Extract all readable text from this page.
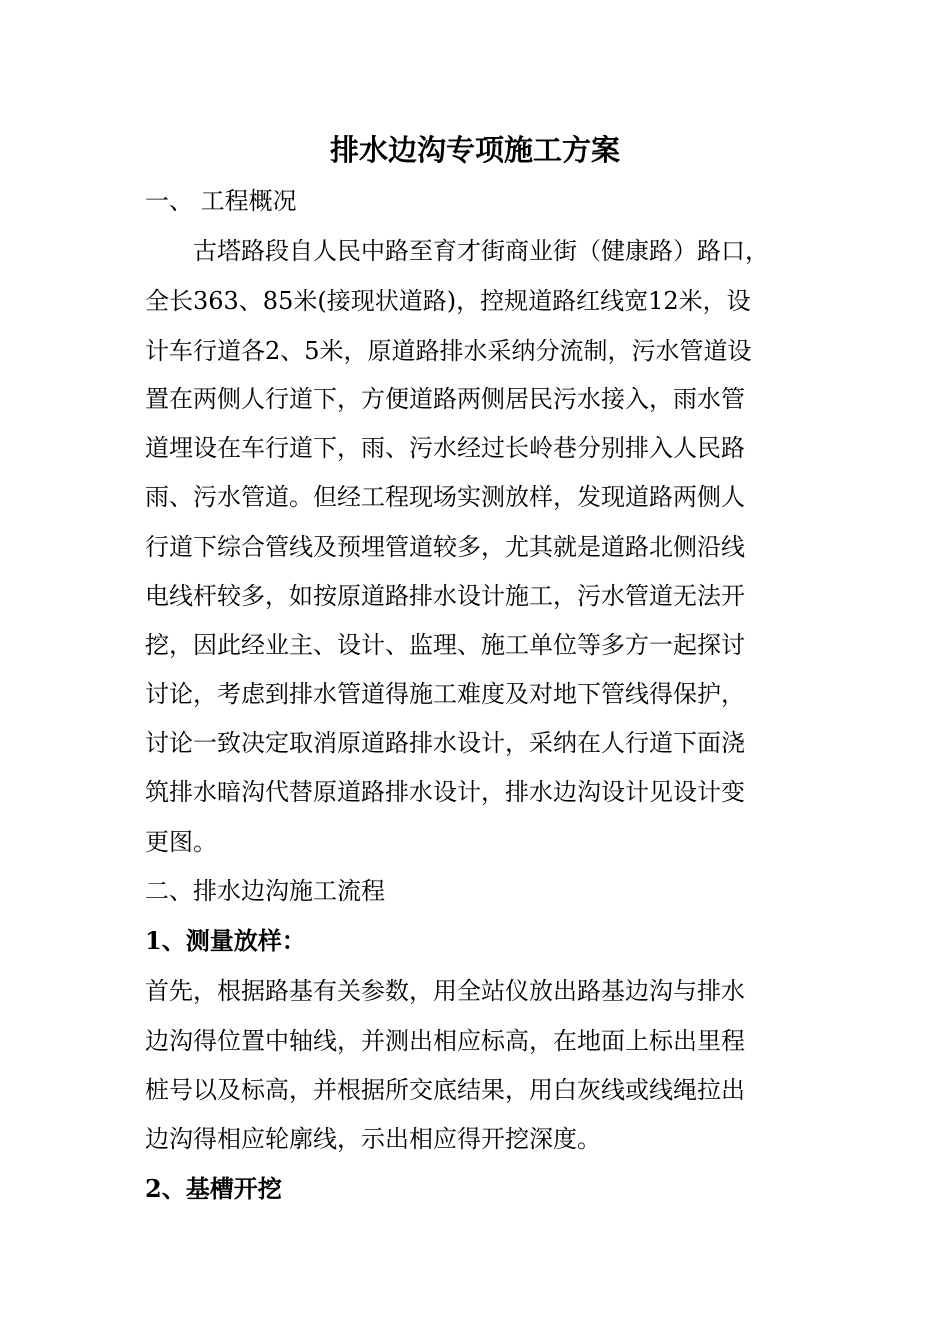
排水边沟专项施工方案

一、 工程概况

　　古塔路段自人民中路至育才街商业街（健康路）路口，

全长363、85米(接现状道路)，控规道路红线宽12米，设

计车行道各2、5米，原道路排水采纳分流制，污水管道设

置在两侧人行道下，方便道路两侧居民污水接入，雨水管

道埋设在车行道下，雨、污水经过长岭巷分别排入人民路

雨、污水管道。但经工程现场实测放样，发现道路两侧人

行道下综合管线及预埋管道较多，尤其就是道路北侧沿线

电线杆较多，如按原道路排水设计施工，污水管道无法开

挖，因此经业主、设计、监理、施工单位等多方一起探讨

讨论，考虑到排水管道得施工难度及对地下管线得保护，

讨论一致决定取消原道路排水设计，采纳在人行道下面浇

筑排水暗沟代替原道路排水设计，排水边沟设计见设计变

更图。

二、排水边沟施工流程

1、测量放样：

首先，根据路基有关参数，用全站仪放出路基边沟与排水

边沟得位置中轴线，并测出相应标高，在地面上标出里程

桩号以及标高，并根据所交底结果，用白灰线或线绳拉出

边沟得相应轮廓线，示出相应得开挖深度。

2、基槽开挖
